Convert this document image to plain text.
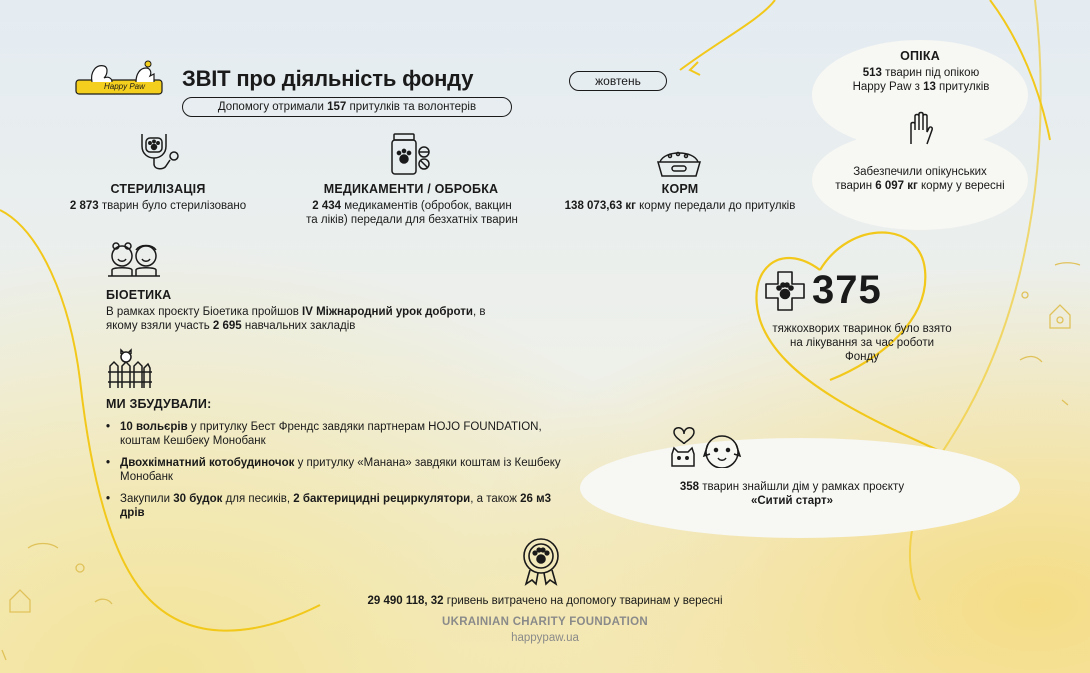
Happy Paw ЗВІТ про діяльність фонду	жовтень
Допомогу отримали 157 притулків та волонтерів
СТЕРИЛІЗАЦІЯ
2 873 тварин було стерилізовано
МЕДИКАМЕНТИ / ОБРОБКА
2 434 медикаментів (обробок, вакцин та ліків) передали для безхатніх тварин
КОРМ
138 073,63 кг корму передали до притулків
БІОЕТИКА
В рамках проєкту Біоетика пройшов IV Міжнародний урок доброти, в якому взяли участь 2 695 навчальних закладів
МИ ЗБУДУВАЛИ:
• 10 вольєрів у притулку Бест Френдс завдяки партнерам HOJO FOUNDATION, коштам Кешбеку Монобанк
• Двохкімнатний котобудиночок у притулку «Манана» завдяки коштам із Кешбеку Монобанк
• Закупили 30 будок для песиків, 2 бактерицидні рециркулятори, а також 26 м3 дрів
ОПІКА
513 тварин під опікою Happy Paw з 13 притулків
Забезпечили опікунських тварин 6 097 кг корму у вересні
375
тяжкохворих тваринок було взято на лікування за час роботи Фонду
358 тварин знайшли дім у рамках проєкту «Ситий старт»
29 490 118, 32 гривень витрачено на допомогу тваринам у вересні
UKRAINIAN CHARITY FOUNDATION
happypaw.ua
